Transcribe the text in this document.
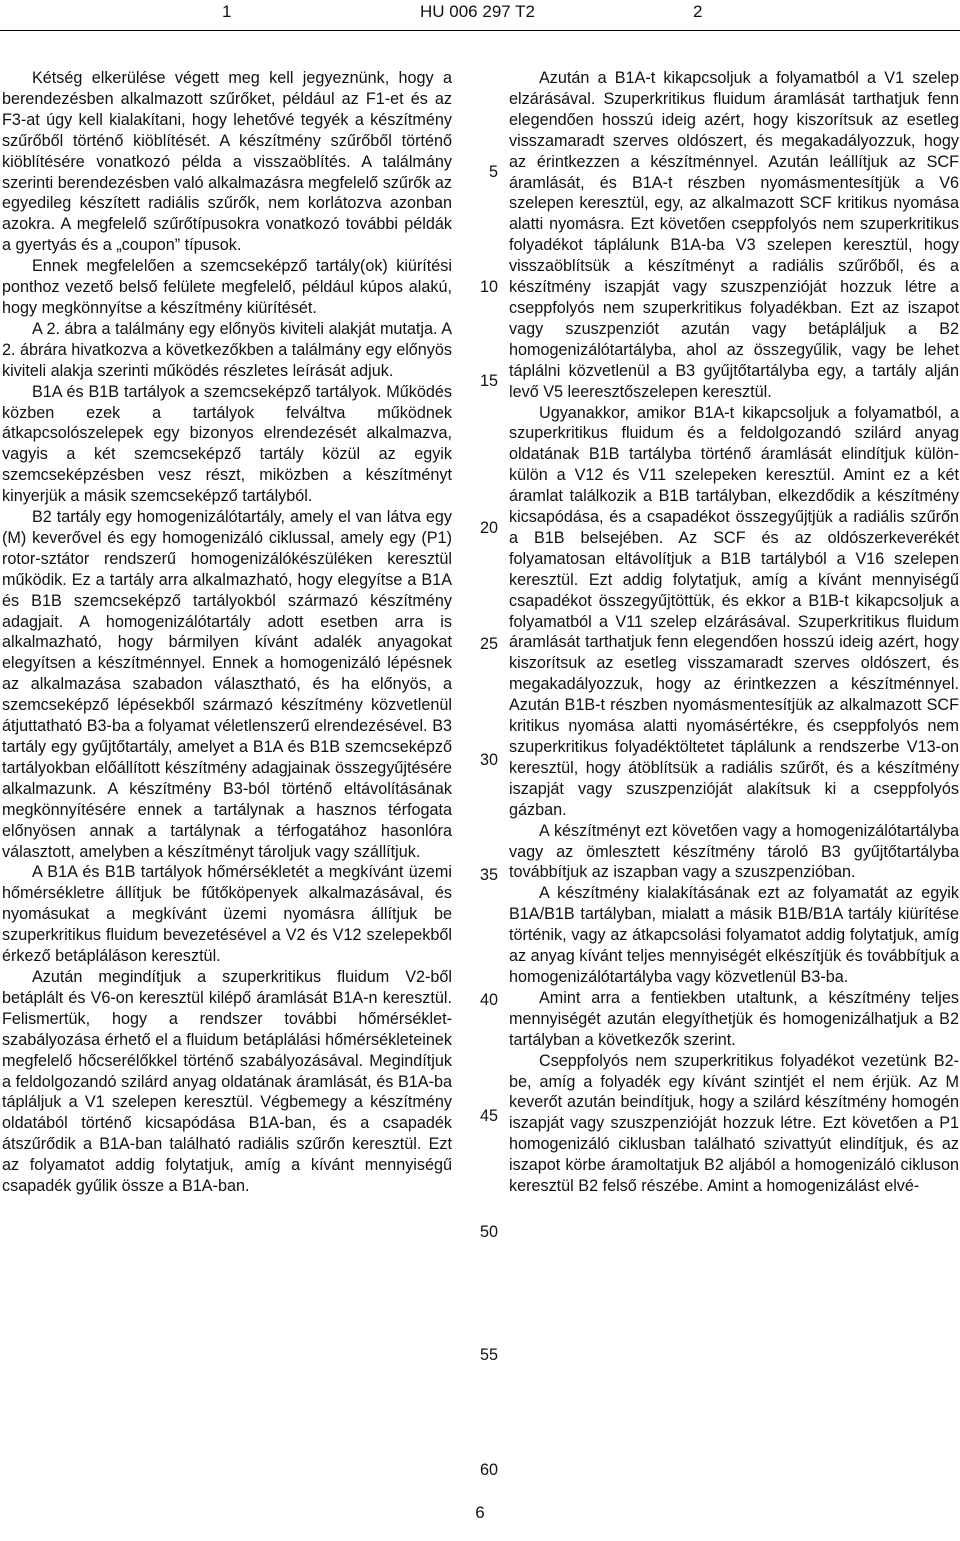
1	HU 006 297 T2	2

Kétség elkerülése végett meg kell jegyeznünk, hogy a berendezésben alkalmazott szűrőket, például az F1-et és az F3-at úgy kell kialakítani, hogy lehetővé tegyék a készítmény szűrőből történő kiöblítését. A készítmény szűrőből történő kiöblítésére vonatkozó példa a visszaöblítés. A találmány szerinti berendezésben való alkalmazásra megfelelő szűrők az egyedileg készített radiális szűrők, nem korlátozva azonban azokra. A megfelelő szűrőtípusokra vonatkozó további példák a gyertyás és a „coupon” típusok.

Ennek megfelelően a szemcseképző tartály(ok) kiürítési ponthoz vezető belső felülete megfelelő, például kúpos alakú, hogy megkönnyítse a készítmény kiürítését.

A 2. ábra a találmány egy előnyös kiviteli alakját mutatja. A 2. ábrára hivatkozva a következőkben a találmány egy előnyös kiviteli alakja szerinti működés részletes leírását adjuk.

B1A és B1B tartályok a szemcseképző tartályok. Működés közben ezek a tartályok felváltva működnek átkapcsolószelepek egy bizonyos elrendezését alkalmazva, vagyis a két szemcseképző tartály közül az egyik szemcseképzésben vesz részt, miközben a készítményt kinyerjük a másik szemcseképző tartályból.

B2 tartály egy homogenizálótartály, amely el van látva egy (M) keverővel és egy homogenizáló ciklussal, amely egy (P1) rotor-sztátor rendszerű homogenizálókészüléken keresztül működik. Ez a tartály arra alkalmazható, hogy elegyítse a B1A és B1B szemcseképző tartályokból származó készítmény adagjait. A homogenizálótartály adott esetben arra is alkalmazható, hogy bármilyen kívánt adalék anyagokat elegyítsen a készítménnyel. Ennek a homogenizáló lépésnek az alkalmazása szabadon választható, és ha előnyös, a szemcseképző lépésekből származó készítmény közvetlenül átjuttatható B3-ba a folyamat véletlenszerű elrendezésével. B3 tartály egy gyűjtőtartály, amelyet a B1A és B1B szemcseképző tartályokban előállított készítmény adagjainak összegyűjtésére alkalmazunk. A készítmény B3-ból történő eltávolításának megkönnyítésére ennek a tartálynak a hasznos térfogata előnyösen annak a tartálynak a térfogatához hasonlóra választott, amelyben a készítményt tároljuk vagy szállítjuk.

A B1A és B1B tartályok hőmérsékletét a megkívánt üzemi hőmérsékletre állítjuk be fűtőköpenyek alkalmazásával, és nyomásukat a megkívánt üzemi nyomásra állítjuk be szuperkritikus fluidum bevezetésével a V2 és V12 szelepekből érkező betápláláson keresztül.

Azután megindítjuk a szuperkritikus fluidum V2-ből betáplált és V6-on keresztül kilépő áramlását B1A-n keresztül. Felismertük, hogy a rendszer további hőmérséklet-szabályozása érhető el a fluidum betáplálási hőmérsékleteinek megfelelő hőcserélőkkel történő szabályozásával. Megindítjuk a feldolgozandó szilárd anyag oldatának áramlását, és B1A-ba tápláljuk a V1 szelepen keresztül. Végbemegy a készítmény oldatából történő kicsapódása B1A-ban, és a csapadék átszűrődik a B1A-ban található radiális szűrőn keresztül. Ezt az folyamatot addig folytatjuk, amíg a kívánt mennyiségű csapadék gyűlik össze a B1A-ban.

5
10
15
20
25
30
35
40
45
50
55
60

Azután a B1A-t kikapcsoljuk a folyamatból a V1 szelep elzárásával. Szuperkritikus fluidum áramlását tarthatjuk fenn elegendően hosszú ideig azért, hogy kiszorítsuk az esetleg visszamaradt szerves oldószert, és megakadályozzuk, hogy az érintkezzen a készítménnyel. Azután leállítjuk az SCF áramlását, és B1A-t részben nyomásmentesítjük a V6 szelepen keresztül, egy, az alkalmazott SCF kritikus nyomása alatti nyomásra. Ezt követően cseppfolyós nem szuperkritikus folyadékot táplálunk B1A-ba V3 szelepen keresztül, hogy visszaöblítsük a készítményt a radiális szűrőből, és a készítmény iszapját vagy szuszpenzióját hozzuk létre a cseppfolyós nem szuperkritikus folyadékban. Ezt az iszapot vagy szuszpenziót azután vagy betápláljuk a B2 homogenizálótartályba, ahol az összegyűlik, vagy be lehet táplálni közvetlenül a B3 gyűjtőtartályba egy, a tartály alján levő V5 leeresztőszelepen keresztül.

Ugyanakkor, amikor B1A-t kikapcsoljuk a folyamatból, a szuperkritikus fluidum és a feldolgozandó szilárd anyag oldatának B1B tartályba történő áramlását elindítjuk külön-külön a V12 és V11 szelepeken keresztül. Amint ez a két áramlat találkozik a B1B tartályban, elkezdődik a készítmény kicsapódása, és a csapadékot összegyűjtjük a radiális szűrőn a B1B belsejében. Az SCF és az oldószerkeverékét folyamatosan eltávolítjuk a B1B tartályból a V16 szelepen keresztül. Ezt addig folytatjuk, amíg a kívánt mennyiségű csapadékot összegyűjtöttük, és ekkor a B1B-t kikapcsoljuk a folyamatból a V11 szelep elzárásával. Szuperkritikus fluidum áramlását tarthatjuk fenn elegendően hosszú ideig azért, hogy kiszorítsuk az esetleg visszamaradt szerves oldószert, és megakadályozzuk, hogy az érintkezzen a készítménnyel. Azután B1B-t részben nyomásmentesítjük az alkalmazott SCF kritikus nyomása alatti nyomásértékre, és cseppfolyós nem szuperkritikus folyadéktöltetet táplálunk a rendszerbe V13-on keresztül, hogy átöblítsük a radiális szűrőt, és a készítmény iszapját vagy szuszpenzióját alakítsuk ki a cseppfolyós gázban.

A készítményt ezt követően vagy a homogenizálótartályba vagy az ömlesztett készítmény tároló B3 gyűjtőtartályba továbbítjuk az iszapban vagy a szuszpenzióban.

A készítmény kialakításának ezt az folyamatát az egyik B1A/B1B tartályban, mialatt a másik B1B/B1A tartály kiürítése történik, vagy az átkapcsolási folyamatot addig folytatjuk, amíg az anyag kívánt teljes mennyiségét elkészítjük és továbbítjuk a homogenizálótartályba vagy közvetlenül B3-ba.

Amint arra a fentiekben utaltunk, a készítmény teljes mennyiségét azután elegyíthetjük és homogenizálhatjuk a B2 tartályban a következők szerint.

Cseppfolyós nem szuperkritikus folyadékot vezetünk B2-be, amíg a folyadék egy kívánt szintjét el nem érjük. Az M keverőt azután beindítjuk, hogy a szilárd készítmény homogén iszapját vagy szuszpenzióját hozzuk létre. Ezt követően a P1 homogenizáló ciklusban található szivattyút elindítjuk, és az iszapot körbe áramoltatjuk B2 aljából a homogenizáló cikluson keresztül B2 felső részébe. Amint a homogenizálást elvé-

6
